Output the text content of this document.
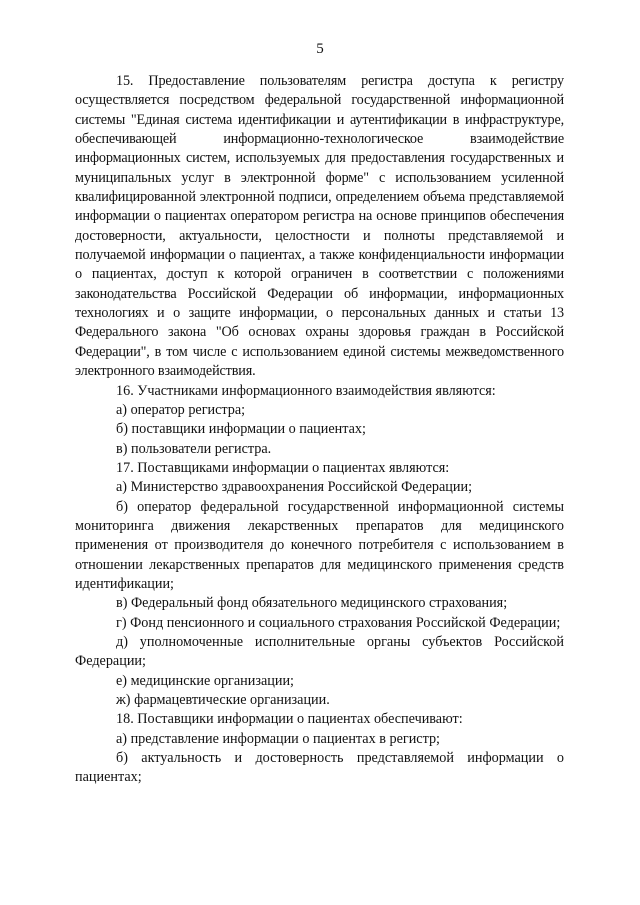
5

15. Предоставление пользователям регистра доступа к регистру осуществляется посредством федеральной государственной информационной системы "Единая система идентификации и аутентификации в инфраструктуре, обеспечивающей информационно-технологическое взаимодействие информационных систем, используемых для предоставления государственных и муниципальных услуг в электронной форме" с использованием усиленной квалифицированной электронной подписи, определением объема представляемой информации о пациентах оператором регистра на основе принципов обеспечения достоверности, актуальности, целостности и полноты представляемой и получаемой информации о пациентах, а также конфиденциальности информации о пациентах, доступ к которой ограничен в соответствии с положениями законодательства Российской Федерации об информации, информационных технологиях и о защите информации, о персональных данных и статьи 13 Федерального закона "Об основах охраны здоровья граждан в Российской Федерации", в том числе с использованием единой системы межведомственного электронного взаимодействия.

16. Участниками информационного взаимодействия являются:

а) оператор регистра;

б) поставщики информации о пациентах;

в) пользователи регистра.

17. Поставщиками информации о пациентах являются:

а) Министерство здравоохранения Российской Федерации;

б) оператор федеральной государственной информационной системы мониторинга движения лекарственных препаратов для медицинского применения от производителя до конечного потребителя с использованием в отношении лекарственных препаратов для медицинского применения средств идентификации;

в) Федеральный фонд обязательного медицинского страхования;

г) Фонд пенсионного и социального страхования Российской Федерации;

д) уполномоченные исполнительные органы субъектов Российской Федерации;

е) медицинские организации;

ж) фармацевтические организации.

18. Поставщики информации о пациентах обеспечивают:

а) представление информации о пациентах в регистр;

б) актуальность и достоверность представляемой информации о пациентах;
